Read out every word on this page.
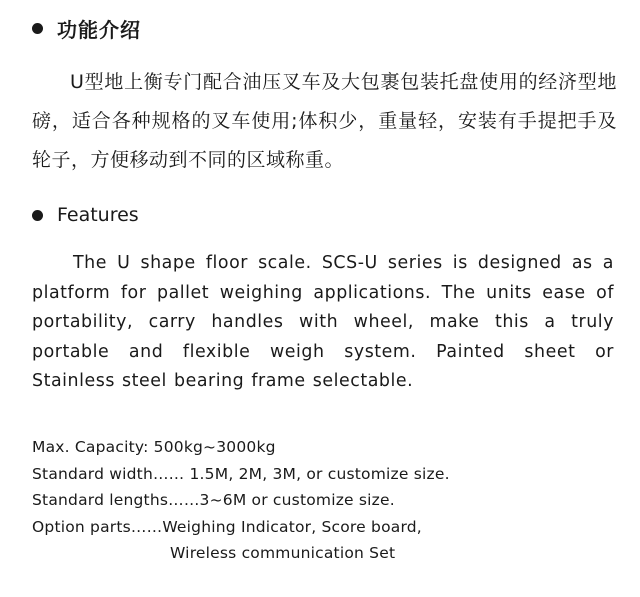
功能介绍
U型地上衡专门配合油压叉车及大包裹包装托盘使用的经济型地磅，适合各种规格的叉车使用;体积少，重量轻，安装有手提把手及轮子，方便移动到不同的区域称重。
Features
The U shape floor scale. SCS-U series is designed as a platform for pallet weighing applications. The units ease of portability, carry handles with wheel, make this a truly portable and flexible weigh system. Painted sheet or Stainless steel bearing frame selectable.
Max. Capacity: 500kg~3000kg
Standard width…… 1.5M, 2M, 3M, or customize size.
Standard lengths……3~6M or customize size.
Option parts……Weighing Indicator, Score board,
Wireless communication Set
